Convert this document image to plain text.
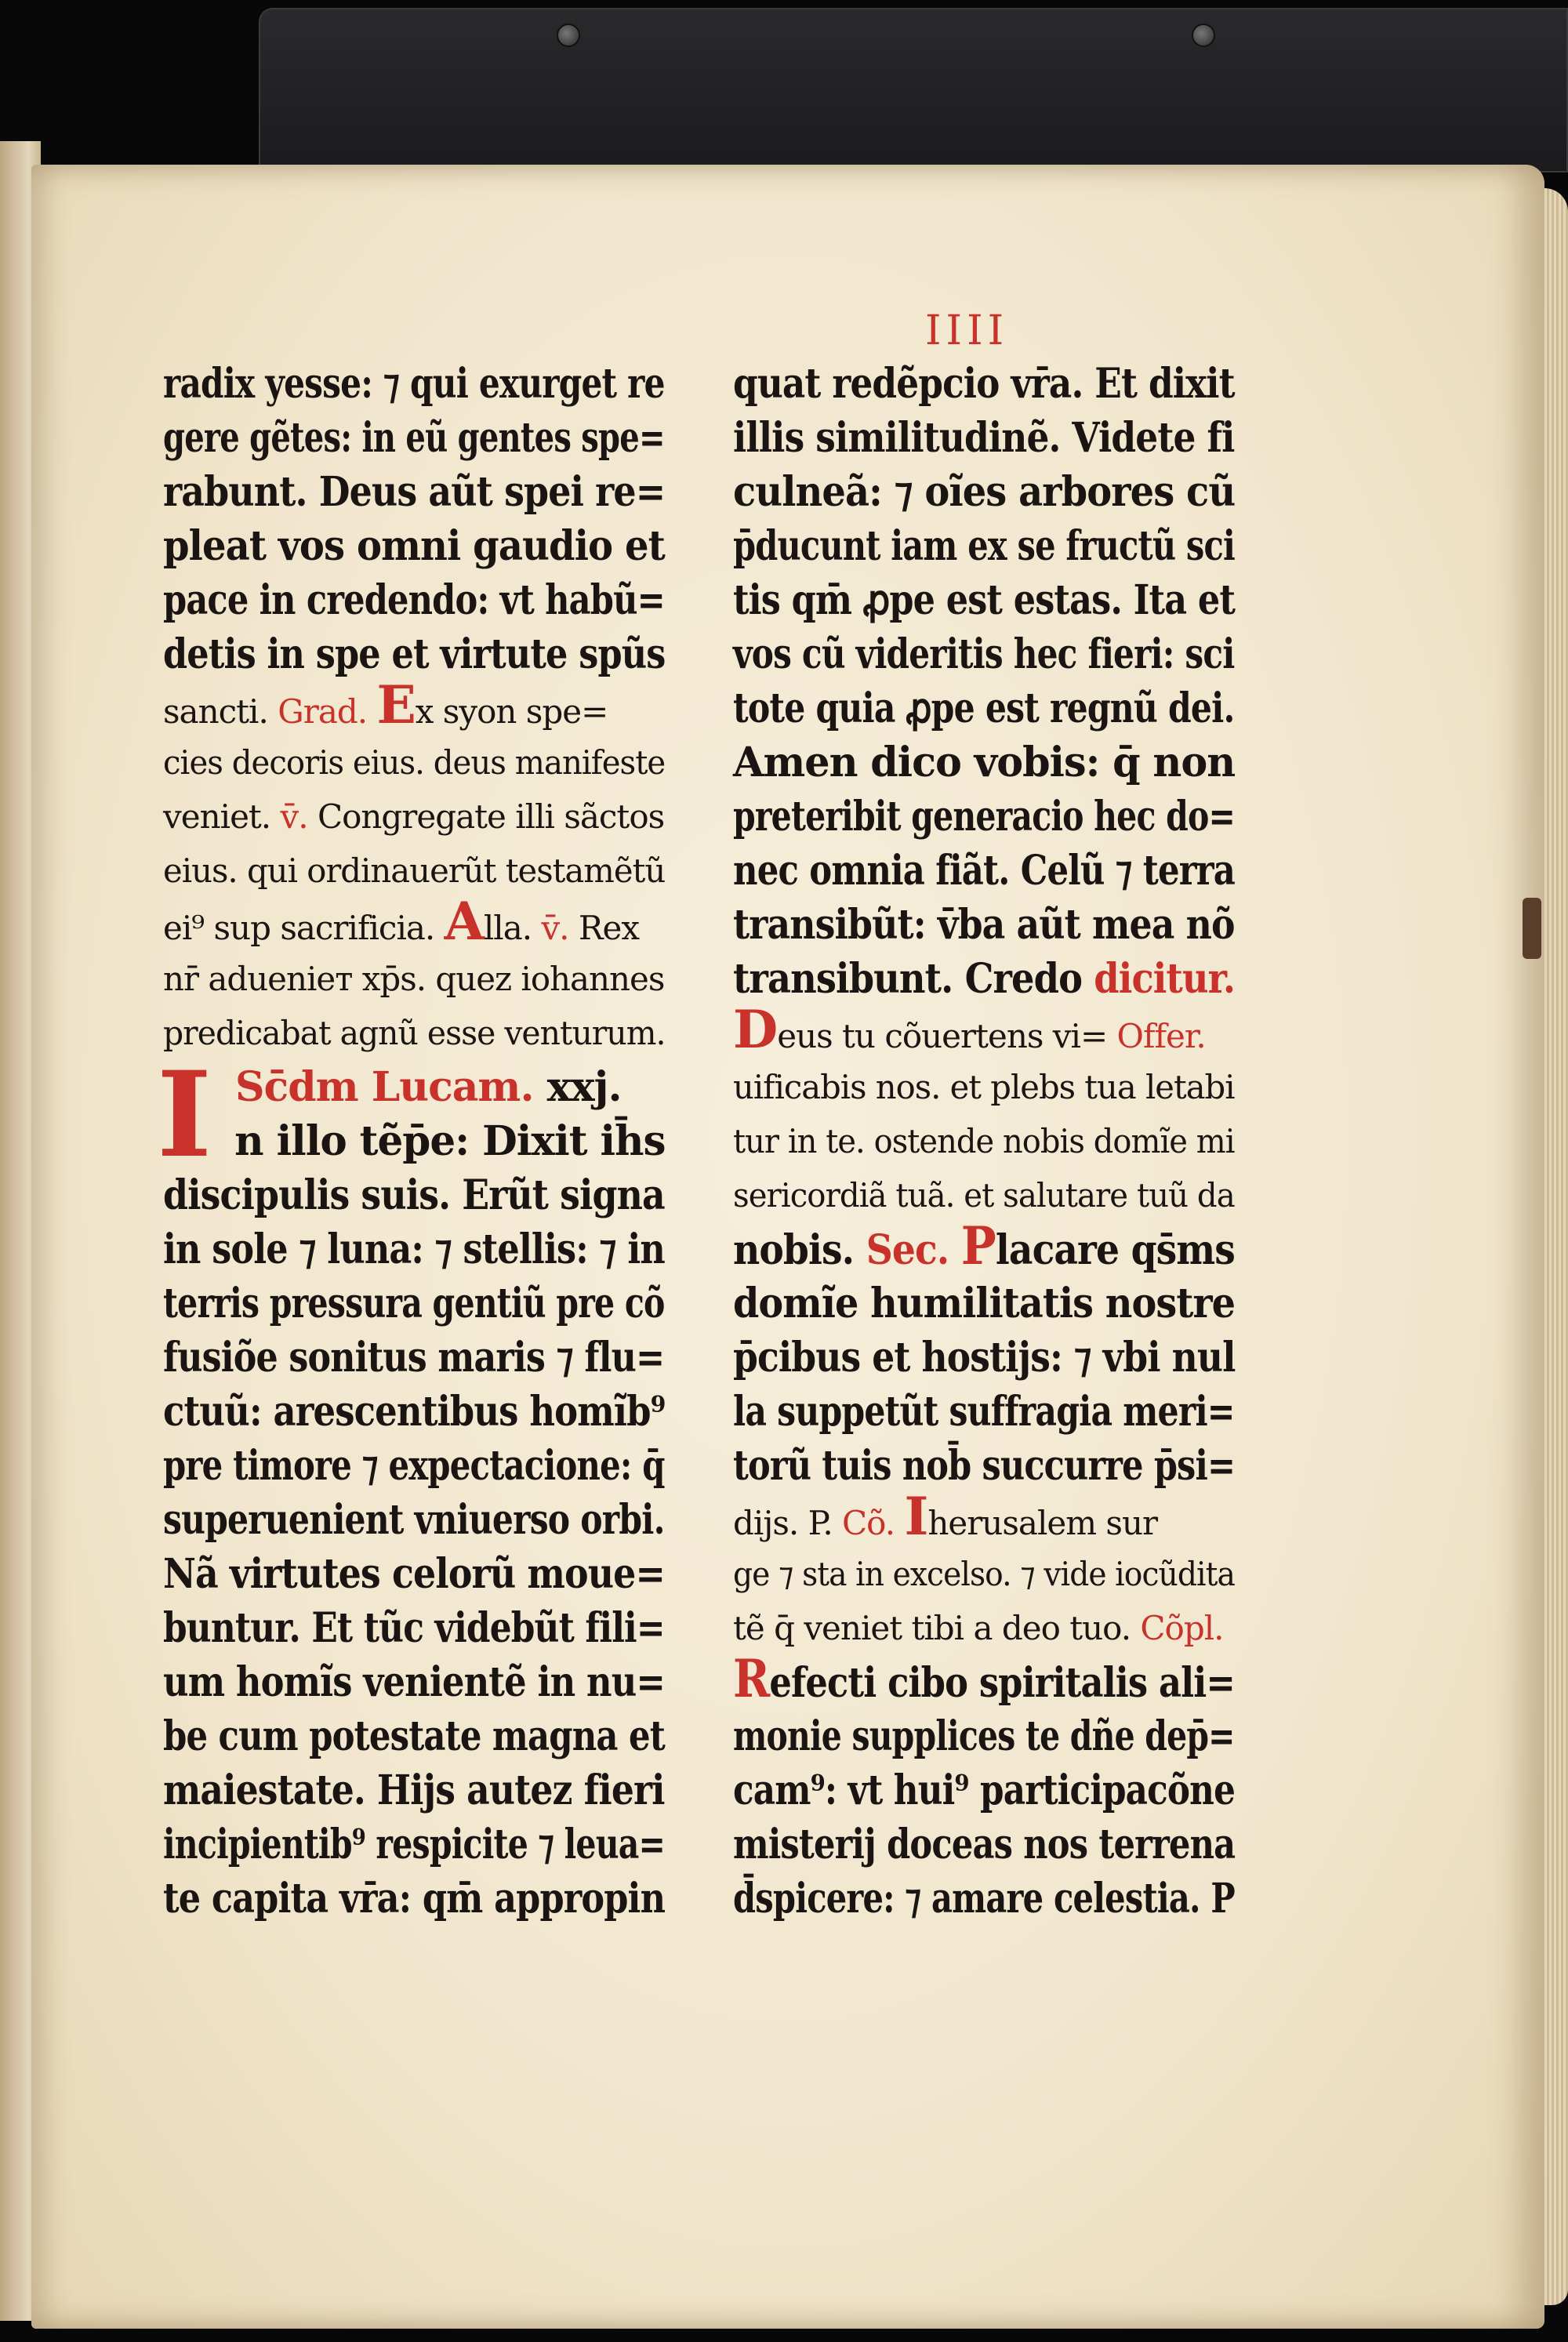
IIII
radix yesse: ⁊ qui exurget re
gere gẽtes: in eũ gentes spe=
rabunt. Deus aũt spei re=
pleat vos omni gaudio et
pace in credendo: vt habũ=
detis in spe et virtute spũs
sancti. Grad. Ex syon spe=
cies decoris eius. deus manifeste
veniet. v̄. Congregate illi sãctos
eius. qui ordinauerũt testamẽtũ
ei⁹ sup sacrificia. Alla. v̄. Rex
nr̄ aduenieт xp̄s. quez iohannes
predicabat agnũ esse venturum.
I Sc̄dm Lucam. xxj.
n illo tẽp̄e: Dixit ih̄s
discipulis suis. Erũt signa
in sole ⁊ luna: ⁊ stellis: ⁊ in
terris pressura gentiũ pre cõ
fusiõe sonitus maris ⁊ flu=
ctuũ: arescentibus homĩb⁹
pre timore ⁊ expectacione: q̄
superuenient vniuerso orbi.
Nã virtutes celorũ moue=
buntur. Et tũc videbũt fili=
um homĩs venientẽ in nu=
be cum potestate magna et
maiestate. Hijs autez fieri
incipientib⁹ respicite ⁊ leua=
te capita vr̄a: qm̄ appropin
quat redẽpcio vr̄a. Et dixit
illis similitudinẽ. Videte fi
culneã: ⁊ oĩes arbores cũ
p̄ducunt iam ex se fructũ sci
tis qm̄ ꝓpe est estas. Ita et
vos cũ videritis hec fieri: sci
tote quia ꝓpe est regnũ dei.
Amen dico vobis: q̄ non
preteribit generacio hec do=
nec omnia fiãt. Celũ ⁊ terra
transibũt: v̄ba aũt mea nõ
transibunt. Credo dicitur.
Deus tu cõuertens vi= Offer.
uificabis nos. et plebs tua letabi
tur in te. ostende nobis domĩe mi
sericordiã tuã. et salutare tuũ da
nobis. Sec. Placare qs̄ms
domĩe humilitatis nostre
p̄cibus et hostijs: ⁊ vbi nul
la suppetũt suffragia meri=
torũ tuis nob̄ succurre p̄si=
dijs. P. Cõ. Iherusalem sur
ge ⁊ sta in excelso. ⁊ vide iocũdita
tẽ q̄ veniet tibi a deo tuo. Cõpl.
Refecti cibo spiritalis ali=
monie supplices te dñe dep̄=
cam⁹: vt hui⁹ participacõne
misterij doceas nos terrena
d̄spicere: ⁊ amare celestia. P
